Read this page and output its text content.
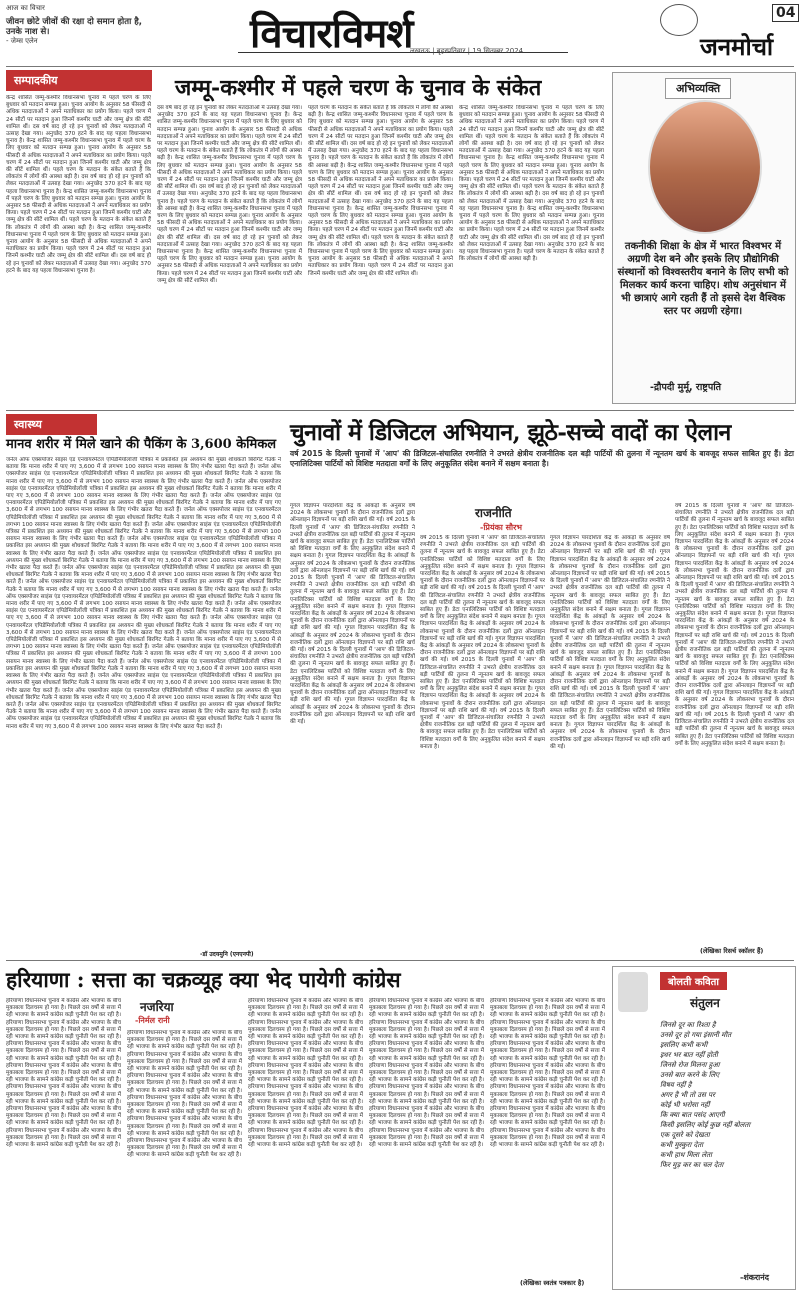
आज का विचार
जीवन छोटे जीवों की रक्षा दो समान होता है, उनके नाश से।
- जेम्स एलेन	विचारविमर्श
लखनऊ | बृहस्पतिवार | 19 सितम्बर 2024	जनमोर्चा
04
सम्पादकीय	जम्मू-कश्मीर में पहले चरण के चुनाव के संकेत
केन्द्र शासित जम्मू-कश्मीर विधानसभा चुनाव में पहले चरण के लिए बुधवार को मतदान सम्पन्न हुआ। चुनाव आयोग के अनुसार 58 फीसदी से अधिक मतदाताओं ने अपने मताधिकार का प्रयोग किया। पहले चरण में 24 सीटों पर मतदान हुआ जिनमें कश्मीर घाटी और जम्मू क्षेत्र की सीटें शामिल थीं। दस वर्ष बाद हो रहे इन चुनावों को लेकर मतदाताओं में उत्साह देखा गया। अनुच्छेद 370 हटने के बाद यह पहला विधानसभा चुनाव है। केन्द्र शासित जम्मू-कश्मीर विधानसभा चुनाव में पहले चरण के लिए बुधवार को मतदान सम्पन्न हुआ। चुनाव आयोग के अनुसार 58 फीसदी से अधिक मतदाताओं ने अपने मताधिकार का प्रयोग किया। पहले चरण में 24 सीटों पर मतदान हुआ जिनमें कश्मीर घाटी और जम्मू क्षेत्र की सीटें शामिल थीं। पहले चरण के मतदान के संकेत बताते हैं कि लोकतंत्र में लोगों की आस्था बढ़ी है। दस वर्ष बाद हो रहे इन चुनावों को लेकर मतदाताओं में उत्साह देखा गया। अनुच्छेद 370 हटने के बाद यह पहला विधानसभा चुनाव है। केन्द्र शासित जम्मू-कश्मीर विधानसभा चुनाव में पहले चरण के लिए बुधवार को मतदान सम्पन्न हुआ। चुनाव आयोग के अनुसार 58 फीसदी से अधिक मतदाताओं ने अपने मताधिकार का प्रयोग किया। पहले चरण में 24 सीटों पर मतदान हुआ जिनमें कश्मीर घाटी और जम्मू क्षेत्र की सीटें शामिल थीं। पहले चरण के मतदान के संकेत बताते हैं कि लोकतंत्र में लोगों की आस्था बढ़ी है। केन्द्र शासित जम्मू-कश्मीर विधानसभा चुनाव में पहले चरण के लिए बुधवार को मतदान सम्पन्न हुआ। चुनाव आयोग के अनुसार 58 फीसदी से अधिक मतदाताओं ने अपने मताधिकार का प्रयोग किया। पहले चरण में 24 सीटों पर मतदान हुआ जिनमें कश्मीर घाटी और जम्मू क्षेत्र की सीटें शामिल थीं। दस वर्ष बाद हो रहे इन चुनावों को लेकर मतदाताओं में उत्साह देखा गया। अनुच्छेद 370 हटने के बाद यह पहला विधानसभा चुनाव है।
दस वर्ष बाद हो रहे इन चुनावों को लेकर मतदाताओं में उत्साह देखा गया। अनुच्छेद 370 हटने के बाद यह पहला विधानसभा चुनाव है। केन्द्र शासित जम्मू-कश्मीर विधानसभा चुनाव में पहले चरण के लिए बुधवार को मतदान सम्पन्न हुआ। चुनाव आयोग के अनुसार 58 फीसदी से अधिक मतदाताओं ने अपने मताधिकार का प्रयोग किया। पहले चरण में 24 सीटों पर मतदान हुआ जिनमें कश्मीर घाटी और जम्मू क्षेत्र की सीटें शामिल थीं। पहले चरण के मतदान के संकेत बताते हैं कि लोकतंत्र में लोगों की आस्था बढ़ी है। केन्द्र शासित जम्मू-कश्मीर विधानसभा चुनाव में पहले चरण के लिए बुधवार को मतदान सम्पन्न हुआ। चुनाव आयोग के अनुसार 58 फीसदी से अधिक मतदाताओं ने अपने मताधिकार का प्रयोग किया। पहले चरण में 24 सीटों पर मतदान हुआ जिनमें कश्मीर घाटी और जम्मू क्षेत्र की सीटें शामिल थीं। दस वर्ष बाद हो रहे इन चुनावों को लेकर मतदाताओं में उत्साह देखा गया। अनुच्छेद 370 हटने के बाद यह पहला विधानसभा चुनाव है। पहले चरण के मतदान के संकेत बताते हैं कि लोकतंत्र में लोगों की आस्था बढ़ी है। केन्द्र शासित जम्मू-कश्मीर विधानसभा चुनाव में पहले चरण के लिए बुधवार को मतदान सम्पन्न हुआ। चुनाव आयोग के अनुसार 58 फीसदी से अधिक मतदाताओं ने अपने मताधिकार का प्रयोग किया। पहले चरण में 24 सीटों पर मतदान हुआ जिनमें कश्मीर घाटी और जम्मू क्षेत्र की सीटें शामिल थीं। दस वर्ष बाद हो रहे इन चुनावों को लेकर मतदाताओं में उत्साह देखा गया। अनुच्छेद 370 हटने के बाद यह पहला विधानसभा चुनाव है। केन्द्र शासित जम्मू-कश्मीर विधानसभा चुनाव में पहले चरण के लिए बुधवार को मतदान सम्पन्न हुआ। चुनाव आयोग के अनुसार 58 फीसदी से अधिक मतदाताओं ने अपने मताधिकार का प्रयोग किया। पहले चरण में 24 सीटों पर मतदान हुआ जिनमें कश्मीर घाटी और जम्मू क्षेत्र की सीटें शामिल थीं।
पहले चरण के मतदान के संकेत बताते हैं कि लोकतंत्र में लोगों की आस्था बढ़ी है। केन्द्र शासित जम्मू-कश्मीर विधानसभा चुनाव में पहले चरण के लिए बुधवार को मतदान सम्पन्न हुआ। चुनाव आयोग के अनुसार 58 फीसदी से अधिक मतदाताओं ने अपने मताधिकार का प्रयोग किया। पहले चरण में 24 सीटों पर मतदान हुआ जिनमें कश्मीर घाटी और जम्मू क्षेत्र की सीटें शामिल थीं। दस वर्ष बाद हो रहे इन चुनावों को लेकर मतदाताओं में उत्साह देखा गया। अनुच्छेद 370 हटने के बाद यह पहला विधानसभा चुनाव है। पहले चरण के मतदान के संकेत बताते हैं कि लोकतंत्र में लोगों की आस्था बढ़ी है। केन्द्र शासित जम्मू-कश्मीर विधानसभा चुनाव में पहले चरण के लिए बुधवार को मतदान सम्पन्न हुआ। चुनाव आयोग के अनुसार 58 फीसदी से अधिक मतदाताओं ने अपने मताधिकार का प्रयोग किया। पहले चरण में 24 सीटों पर मतदान हुआ जिनमें कश्मीर घाटी और जम्मू क्षेत्र की सीटें शामिल थीं। दस वर्ष बाद हो रहे इन चुनावों को लेकर मतदाताओं में उत्साह देखा गया। अनुच्छेद 370 हटने के बाद यह पहला विधानसभा चुनाव है। केन्द्र शासित जम्मू-कश्मीर विधानसभा चुनाव में पहले चरण के लिए बुधवार को मतदान सम्पन्न हुआ। चुनाव आयोग के अनुसार 58 फीसदी से अधिक मतदाताओं ने अपने मताधिकार का प्रयोग किया। पहले चरण में 24 सीटों पर मतदान हुआ जिनमें कश्मीर घाटी और जम्मू क्षेत्र की सीटें शामिल थीं। पहले चरण के मतदान के संकेत बताते हैं कि लोकतंत्र में लोगों की आस्था बढ़ी है। केन्द्र शासित जम्मू-कश्मीर विधानसभा चुनाव में पहले चरण के लिए बुधवार को मतदान सम्पन्न हुआ। चुनाव आयोग के अनुसार 58 फीसदी से अधिक मतदाताओं ने अपने मताधिकार का प्रयोग किया। पहले चरण में 24 सीटों पर मतदान हुआ जिनमें कश्मीर घाटी और जम्मू क्षेत्र की सीटें शामिल थीं।
केन्द्र शासित जम्मू-कश्मीर विधानसभा चुनाव में पहले चरण के लिए बुधवार को मतदान सम्पन्न हुआ। चुनाव आयोग के अनुसार 58 फीसदी से अधिक मतदाताओं ने अपने मताधिकार का प्रयोग किया। पहले चरण में 24 सीटों पर मतदान हुआ जिनमें कश्मीर घाटी और जम्मू क्षेत्र की सीटें शामिल थीं। पहले चरण के मतदान के संकेत बताते हैं कि लोकतंत्र में लोगों की आस्था बढ़ी है। दस वर्ष बाद हो रहे इन चुनावों को लेकर मतदाताओं में उत्साह देखा गया। अनुच्छेद 370 हटने के बाद यह पहला विधानसभा चुनाव है। केन्द्र शासित जम्मू-कश्मीर विधानसभा चुनाव में पहले चरण के लिए बुधवार को मतदान सम्पन्न हुआ। चुनाव आयोग के अनुसार 58 फीसदी से अधिक मतदाताओं ने अपने मताधिकार का प्रयोग किया। पहले चरण में 24 सीटों पर मतदान हुआ जिनमें कश्मीर घाटी और जम्मू क्षेत्र की सीटें शामिल थीं। पहले चरण के मतदान के संकेत बताते हैं कि लोकतंत्र में लोगों की आस्था बढ़ी है। दस वर्ष बाद हो रहे इन चुनावों को लेकर मतदाताओं में उत्साह देखा गया। अनुच्छेद 370 हटने के बाद यह पहला विधानसभा चुनाव है। केन्द्र शासित जम्मू-कश्मीर विधानसभा चुनाव में पहले चरण के लिए बुधवार को मतदान सम्पन्न हुआ। चुनाव आयोग के अनुसार 58 फीसदी से अधिक मतदाताओं ने अपने मताधिकार का प्रयोग किया। पहले चरण में 24 सीटों पर मतदान हुआ जिनमें कश्मीर घाटी और जम्मू क्षेत्र की सीटें शामिल थीं। दस वर्ष बाद हो रहे इन चुनावों को लेकर मतदाताओं में उत्साह देखा गया। अनुच्छेद 370 हटने के बाद यह पहला विधानसभा चुनाव है। पहले चरण के मतदान के संकेत बताते हैं कि लोकतंत्र में लोगों की आस्था बढ़ी है।
अभिव्यक्ति
तकनीकी शिक्षा के क्षेत्र में भारत विश्वभर में अग्रणी देश बने और इसके लिए प्रौद्योगिकी संस्थानों को विश्वस्तरीय बनाने के लिए सभी को मिलकर कार्य करना चाहिए। शोध अनुसंधान में भी छात्राएं आगे रहती हैं तो इससे देश वैश्विक स्तर पर अग्रणी रहेगा।
-द्रौपदी मुर्मू, राष्ट्रपति
स्वास्थ्य
मानव शरीर में मिले खाने की पैकिंग के 3,600 केमिकल
जर्नल ऑफ एक्सपोजर साइंस एंड एनवायरमेंटल एपिडेमियोलॉजी पत्रिका में प्रकाशित इस अध्ययन की मुख्य शोधकर्ता बिरगिट गेउके ने बताया कि मानव शरीर में पाए गए 3,600 में से लगभग 100 रसायन मानव स्वास्थ्य के लिए गंभीर खतरा पैदा करते हैं। जर्नल ऑफ एक्सपोजर साइंस एंड एनवायरमेंटल एपिडेमियोलॉजी पत्रिका में प्रकाशित इस अध्ययन की मुख्य शोधकर्ता बिरगिट गेउके ने बताया कि मानव शरीर में पाए गए 3,600 में से लगभग 100 रसायन मानव स्वास्थ्य के लिए गंभीर खतरा पैदा करते हैं। जर्नल ऑफ एक्सपोजर साइंस एंड एनवायरमेंटल एपिडेमियोलॉजी पत्रिका में प्रकाशित इस अध्ययन की मुख्य शोधकर्ता बिरगिट गेउके ने बताया कि मानव शरीर में पाए गए 3,600 में से लगभग 100 रसायन मानव स्वास्थ्य के लिए गंभीर खतरा पैदा करते हैं। जर्नल ऑफ एक्सपोजर साइंस एंड एनवायरमेंटल एपिडेमियोलॉजी पत्रिका में प्रकाशित इस अध्ययन की मुख्य शोधकर्ता बिरगिट गेउके ने बताया कि मानव शरीर में पाए गए 3,600 में से लगभग 100 रसायन मानव स्वास्थ्य के लिए गंभीर खतरा पैदा करते हैं। जर्नल ऑफ एक्सपोजर साइंस एंड एनवायरमेंटल एपिडेमियोलॉजी पत्रिका में प्रकाशित इस अध्ययन की मुख्य शोधकर्ता बिरगिट गेउके ने बताया कि मानव शरीर में पाए गए 3,600 में से लगभग 100 रसायन मानव स्वास्थ्य के लिए गंभीर खतरा पैदा करते हैं। जर्नल ऑफ एक्सपोजर साइंस एंड एनवायरमेंटल एपिडेमियोलॉजी पत्रिका में प्रकाशित इस अध्ययन की मुख्य शोधकर्ता बिरगिट गेउके ने बताया कि मानव शरीर में पाए गए 3,600 में से लगभग 100 रसायन मानव स्वास्थ्य के लिए गंभीर खतरा पैदा करते हैं। जर्नल ऑफ एक्सपोजर साइंस एंड एनवायरमेंटल एपिडेमियोलॉजी पत्रिका में प्रकाशित इस अध्ययन की मुख्य शोधकर्ता बिरगिट गेउके ने बताया कि मानव शरीर में पाए गए 3,600 में से लगभग 100 रसायन मानव स्वास्थ्य के लिए गंभीर खतरा पैदा करते हैं। जर्नल ऑफ एक्सपोजर साइंस एंड एनवायरमेंटल एपिडेमियोलॉजी पत्रिका में प्रकाशित इस अध्ययन की मुख्य शोधकर्ता बिरगिट गेउके ने बताया कि मानव शरीर में पाए गए 3,600 में से लगभग 100 रसायन मानव स्वास्थ्य के लिए गंभीर खतरा पैदा करते हैं। जर्नल ऑफ एक्सपोजर साइंस एंड एनवायरमेंटल एपिडेमियोलॉजी पत्रिका में प्रकाशित इस अध्ययन की मुख्य शोधकर्ता बिरगिट गेउके ने बताया कि मानव शरीर में पाए गए 3,600 में से लगभग 100 रसायन मानव स्वास्थ्य के लिए गंभीर खतरा पैदा करते हैं। जर्नल ऑफ एक्सपोजर साइंस एंड एनवायरमेंटल एपिडेमियोलॉजी पत्रिका में प्रकाशित इस अध्ययन की मुख्य शोधकर्ता बिरगिट गेउके ने बताया कि मानव शरीर में पाए गए 3,600 में से लगभग 100 रसायन मानव स्वास्थ्य के लिए गंभीर खतरा पैदा करते हैं। जर्नल ऑफ एक्सपोजर साइंस एंड एनवायरमेंटल एपिडेमियोलॉजी पत्रिका में प्रकाशित इस अध्ययन की मुख्य शोधकर्ता बिरगिट गेउके ने बताया कि मानव शरीर में पाए गए 3,600 में से लगभग 100 रसायन मानव स्वास्थ्य के लिए गंभीर खतरा पैदा करते हैं। जर्नल ऑफ एक्सपोजर साइंस एंड एनवायरमेंटल एपिडेमियोलॉजी पत्रिका में प्रकाशित इस अध्ययन की मुख्य शोधकर्ता बिरगिट गेउके ने बताया कि मानव शरीर में पाए गए 3,600 में से लगभग 100 रसायन मानव स्वास्थ्य के लिए गंभीर खतरा पैदा करते हैं। जर्नल ऑफ एक्सपोजर साइंस एंड एनवायरमेंटल एपिडेमियोलॉजी पत्रिका में प्रकाशित इस अध्ययन की मुख्य शोधकर्ता बिरगिट गेउके ने बताया कि मानव शरीर में पाए गए 3,600 में से लगभग 100 रसायन मानव स्वास्थ्य के लिए गंभीर खतरा पैदा करते हैं। जर्नल ऑफ एक्सपोजर साइंस एंड एनवायरमेंटल एपिडेमियोलॉजी पत्रिका में प्रकाशित इस अध्ययन की मुख्य शोधकर्ता बिरगिट गेउके ने बताया कि मानव शरीर में पाए गए 3,600 में से लगभग 100 रसायन मानव स्वास्थ्य के लिए गंभीर खतरा पैदा करते हैं। जर्नल ऑफ एक्सपोजर साइंस एंड एनवायरमेंटल एपिडेमियोलॉजी पत्रिका में प्रकाशित इस अध्ययन की मुख्य शोधकर्ता बिरगिट गेउके ने बताया कि मानव शरीर में पाए गए 3,600 में से लगभग 100 रसायन मानव स्वास्थ्य के लिए गंभीर खतरा पैदा करते हैं। जर्नल ऑफ एक्सपोजर साइंस एंड एनवायरमेंटल एपिडेमियोलॉजी पत्रिका में प्रकाशित इस अध्ययन की मुख्य शोधकर्ता बिरगिट गेउके ने बताया कि मानव शरीर में पाए गए 3,600 में से लगभग 100 रसायन मानव स्वास्थ्य के लिए गंभीर खतरा पैदा करते हैं। जर्नल ऑफ एक्सपोजर साइंस एंड एनवायरमेंटल एपिडेमियोलॉजी पत्रिका में प्रकाशित इस अध्ययन की मुख्य शोधकर्ता बिरगिट गेउके ने बताया कि मानव शरीर में पाए गए 3,600 में से लगभग 100 रसायन मानव स्वास्थ्य के लिए गंभीर खतरा पैदा करते हैं। जर्नल ऑफ एक्सपोजर साइंस एंड एनवायरमेंटल एपिडेमियोलॉजी पत्रिका में प्रकाशित इस अध्ययन की मुख्य शोधकर्ता बिरगिट गेउके ने बताया कि मानव शरीर में पाए गए 3,600 में से लगभग 100 रसायन मानव स्वास्थ्य के लिए गंभीर खतरा पैदा करते हैं। जर्नल ऑफ एक्सपोजर साइंस एंड एनवायरमेंटल एपिडेमियोलॉजी पत्रिका में प्रकाशित इस अध्ययन की मुख्य शोधकर्ता बिरगिट गेउके ने बताया कि मानव शरीर में पाए गए 3,600 में से लगभग 100 रसायन मानव स्वास्थ्य के लिए गंभीर खतरा पैदा करते हैं। जर्नल ऑफ एक्सपोजर साइंस एंड एनवायरमेंटल एपिडेमियोलॉजी पत्रिका में प्रकाशित इस अध्ययन की मुख्य शोधकर्ता बिरगिट गेउके ने बताया कि मानव शरीर में पाए गए 3,600 में से लगभग 100 रसायन मानव स्वास्थ्य के लिए गंभीर खतरा पैदा करते हैं।
-डॉ उदयमुनि (एनएनपी)
चुनावों में डिजिटल अभियान, झूठे-सच्चे वादों का ऐलान
वर्ष 2015 के दिल्ली चुनावों में 'आप' की डिजिटल-संचालित रणनीति ने उभरते क्षेत्रीय राजनीतिक दल बड़ी पार्टियों की तुलना में न्यूनतम खर्च के बावजूद सफल साबित हुए हैं। डेटा एनालिटिक्स पार्टियों को विशिष्ट मतदाता वर्गों के लिए अनुकूलित संदेश बनाने में सक्षम बनाता है।
गूगल विज्ञापन पारदर्शिता केंद्र के आंकड़ों के अनुसार वर्ष 2024 के लोकसभा चुनावों के दौरान राजनीतिक दलों द्वारा ऑनलाइन विज्ञापनों पर बड़ी राशि खर्च की गई। वर्ष 2015 के दिल्ली चुनावों में 'आप' की डिजिटल-संचालित रणनीति ने उभरते क्षेत्रीय राजनीतिक दल बड़ी पार्टियों की तुलना में न्यूनतम खर्च के बावजूद सफल साबित हुए हैं। डेटा एनालिटिक्स पार्टियों को विशिष्ट मतदाता वर्गों के लिए अनुकूलित संदेश बनाने में सक्षम बनाता है। गूगल विज्ञापन पारदर्शिता केंद्र के आंकड़ों के अनुसार वर्ष 2024 के लोकसभा चुनावों के दौरान राजनीतिक दलों द्वारा ऑनलाइन विज्ञापनों पर बड़ी राशि खर्च की गई। वर्ष 2015 के दिल्ली चुनावों में 'आप' की डिजिटल-संचालित रणनीति ने उभरते क्षेत्रीय राजनीतिक दल बड़ी पार्टियों की तुलना में न्यूनतम खर्च के बावजूद सफल साबित हुए हैं। डेटा एनालिटिक्स पार्टियों को विशिष्ट मतदाता वर्गों के लिए अनुकूलित संदेश बनाने में सक्षम बनाता है। गूगल विज्ञापन पारदर्शिता केंद्र के आंकड़ों के अनुसार वर्ष 2024 के लोकसभा चुनावों के दौरान राजनीतिक दलों द्वारा ऑनलाइन विज्ञापनों पर बड़ी राशि खर्च की गई। गूगल विज्ञापन पारदर्शिता केंद्र के आंकड़ों के अनुसार वर्ष 2024 के लोकसभा चुनावों के दौरान राजनीतिक दलों द्वारा ऑनलाइन विज्ञापनों पर बड़ी राशि खर्च की गई। वर्ष 2015 के दिल्ली चुनावों में 'आप' की डिजिटल-संचालित रणनीति ने उभरते क्षेत्रीय राजनीतिक दल बड़ी पार्टियों की तुलना में न्यूनतम खर्च के बावजूद सफल साबित हुए हैं। डेटा एनालिटिक्स पार्टियों को विशिष्ट मतदाता वर्गों के लिए अनुकूलित संदेश बनाने में सक्षम बनाता है। गूगल विज्ञापन पारदर्शिता केंद्र के आंकड़ों के अनुसार वर्ष 2024 के लोकसभा चुनावों के दौरान राजनीतिक दलों द्वारा ऑनलाइन विज्ञापनों पर बड़ी राशि खर्च की गई। गूगल विज्ञापन पारदर्शिता केंद्र के आंकड़ों के अनुसार वर्ष 2024 के लोकसभा चुनावों के दौरान राजनीतिक दलों द्वारा ऑनलाइन विज्ञापनों पर बड़ी राशि खर्च की गई।
राजनीति
-प्रियंका सौरभ
वर्ष 2015 के दिल्ली चुनावों में 'आप' की डिजिटल-संचालित रणनीति ने उभरते क्षेत्रीय राजनीतिक दल बड़ी पार्टियों की तुलना में न्यूनतम खर्च के बावजूद सफल साबित हुए हैं। डेटा एनालिटिक्स पार्टियों को विशिष्ट मतदाता वर्गों के लिए अनुकूलित संदेश बनाने में सक्षम बनाता है। गूगल विज्ञापन पारदर्शिता केंद्र के आंकड़ों के अनुसार वर्ष 2024 के लोकसभा चुनावों के दौरान राजनीतिक दलों द्वारा ऑनलाइन विज्ञापनों पर बड़ी राशि खर्च की गई। वर्ष 2015 के दिल्ली चुनावों में 'आप' की डिजिटल-संचालित रणनीति ने उभरते क्षेत्रीय राजनीतिक दल बड़ी पार्टियों की तुलना में न्यूनतम खर्च के बावजूद सफल साबित हुए हैं। डेटा एनालिटिक्स पार्टियों को विशिष्ट मतदाता वर्गों के लिए अनुकूलित संदेश बनाने में सक्षम बनाता है। गूगल विज्ञापन पारदर्शिता केंद्र के आंकड़ों के अनुसार वर्ष 2024 के लोकसभा चुनावों के दौरान राजनीतिक दलों द्वारा ऑनलाइन विज्ञापनों पर बड़ी राशि खर्च की गई। गूगल विज्ञापन पारदर्शिता केंद्र के आंकड़ों के अनुसार वर्ष 2024 के लोकसभा चुनावों के दौरान राजनीतिक दलों द्वारा ऑनलाइन विज्ञापनों पर बड़ी राशि खर्च की गई। वर्ष 2015 के दिल्ली चुनावों में 'आप' की डिजिटल-संचालित रणनीति ने उभरते क्षेत्रीय राजनीतिक दल बड़ी पार्टियों की तुलना में न्यूनतम खर्च के बावजूद सफल साबित हुए हैं। डेटा एनालिटिक्स पार्टियों को विशिष्ट मतदाता वर्गों के लिए अनुकूलित संदेश बनाने में सक्षम बनाता है। गूगल विज्ञापन पारदर्शिता केंद्र के आंकड़ों के अनुसार वर्ष 2024 के लोकसभा चुनावों के दौरान राजनीतिक दलों द्वारा ऑनलाइन विज्ञापनों पर बड़ी राशि खर्च की गई। वर्ष 2015 के दिल्ली चुनावों में 'आप' की डिजिटल-संचालित रणनीति ने उभरते क्षेत्रीय राजनीतिक दल बड़ी पार्टियों की तुलना में न्यूनतम खर्च के बावजूद सफल साबित हुए हैं। डेटा एनालिटिक्स पार्टियों को विशिष्ट मतदाता वर्गों के लिए अनुकूलित संदेश बनाने में सक्षम बनाता है।
गूगल विज्ञापन पारदर्शिता केंद्र के आंकड़ों के अनुसार वर्ष 2024 के लोकसभा चुनावों के दौरान राजनीतिक दलों द्वारा ऑनलाइन विज्ञापनों पर बड़ी राशि खर्च की गई। गूगल विज्ञापन पारदर्शिता केंद्र के आंकड़ों के अनुसार वर्ष 2024 के लोकसभा चुनावों के दौरान राजनीतिक दलों द्वारा ऑनलाइन विज्ञापनों पर बड़ी राशि खर्च की गई। वर्ष 2015 के दिल्ली चुनावों में 'आप' की डिजिटल-संचालित रणनीति ने उभरते क्षेत्रीय राजनीतिक दल बड़ी पार्टियों की तुलना में न्यूनतम खर्च के बावजूद सफल साबित हुए हैं। डेटा एनालिटिक्स पार्टियों को विशिष्ट मतदाता वर्गों के लिए अनुकूलित संदेश बनाने में सक्षम बनाता है। गूगल विज्ञापन पारदर्शिता केंद्र के आंकड़ों के अनुसार वर्ष 2024 के लोकसभा चुनावों के दौरान राजनीतिक दलों द्वारा ऑनलाइन विज्ञापनों पर बड़ी राशि खर्च की गई। वर्ष 2015 के दिल्ली चुनावों में 'आप' की डिजिटल-संचालित रणनीति ने उभरते क्षेत्रीय राजनीतिक दल बड़ी पार्टियों की तुलना में न्यूनतम खर्च के बावजूद सफल साबित हुए हैं। डेटा एनालिटिक्स पार्टियों को विशिष्ट मतदाता वर्गों के लिए अनुकूलित संदेश बनाने में सक्षम बनाता है। गूगल विज्ञापन पारदर्शिता केंद्र के आंकड़ों के अनुसार वर्ष 2024 के लोकसभा चुनावों के दौरान राजनीतिक दलों द्वारा ऑनलाइन विज्ञापनों पर बड़ी राशि खर्च की गई। वर्ष 2015 के दिल्ली चुनावों में 'आप' की डिजिटल-संचालित रणनीति ने उभरते क्षेत्रीय राजनीतिक दल बड़ी पार्टियों की तुलना में न्यूनतम खर्च के बावजूद सफल साबित हुए हैं। डेटा एनालिटिक्स पार्टियों को विशिष्ट मतदाता वर्गों के लिए अनुकूलित संदेश बनाने में सक्षम बनाता है। गूगल विज्ञापन पारदर्शिता केंद्र के आंकड़ों के अनुसार वर्ष 2024 के लोकसभा चुनावों के दौरान राजनीतिक दलों द्वारा ऑनलाइन विज्ञापनों पर बड़ी राशि खर्च की गई।
वर्ष 2015 के दिल्ली चुनावों में 'आप' की डिजिटल-संचालित रणनीति ने उभरते क्षेत्रीय राजनीतिक दल बड़ी पार्टियों की तुलना में न्यूनतम खर्च के बावजूद सफल साबित हुए हैं। डेटा एनालिटिक्स पार्टियों को विशिष्ट मतदाता वर्गों के लिए अनुकूलित संदेश बनाने में सक्षम बनाता है। गूगल विज्ञापन पारदर्शिता केंद्र के आंकड़ों के अनुसार वर्ष 2024 के लोकसभा चुनावों के दौरान राजनीतिक दलों द्वारा ऑनलाइन विज्ञापनों पर बड़ी राशि खर्च की गई। गूगल विज्ञापन पारदर्शिता केंद्र के आंकड़ों के अनुसार वर्ष 2024 के लोकसभा चुनावों के दौरान राजनीतिक दलों द्वारा ऑनलाइन विज्ञापनों पर बड़ी राशि खर्च की गई। वर्ष 2015 के दिल्ली चुनावों में 'आप' की डिजिटल-संचालित रणनीति ने उभरते क्षेत्रीय राजनीतिक दल बड़ी पार्टियों की तुलना में न्यूनतम खर्च के बावजूद सफल साबित हुए हैं। डेटा एनालिटिक्स पार्टियों को विशिष्ट मतदाता वर्गों के लिए अनुकूलित संदेश बनाने में सक्षम बनाता है। गूगल विज्ञापन पारदर्शिता केंद्र के आंकड़ों के अनुसार वर्ष 2024 के लोकसभा चुनावों के दौरान राजनीतिक दलों द्वारा ऑनलाइन विज्ञापनों पर बड़ी राशि खर्च की गई। वर्ष 2015 के दिल्ली चुनावों में 'आप' की डिजिटल-संचालित रणनीति ने उभरते क्षेत्रीय राजनीतिक दल बड़ी पार्टियों की तुलना में न्यूनतम खर्च के बावजूद सफल साबित हुए हैं। डेटा एनालिटिक्स पार्टियों को विशिष्ट मतदाता वर्गों के लिए अनुकूलित संदेश बनाने में सक्षम बनाता है। गूगल विज्ञापन पारदर्शिता केंद्र के आंकड़ों के अनुसार वर्ष 2024 के लोकसभा चुनावों के दौरान राजनीतिक दलों द्वारा ऑनलाइन विज्ञापनों पर बड़ी राशि खर्च की गई। गूगल विज्ञापन पारदर्शिता केंद्र के आंकड़ों के अनुसार वर्ष 2024 के लोकसभा चुनावों के दौरान राजनीतिक दलों द्वारा ऑनलाइन विज्ञापनों पर बड़ी राशि खर्च की गई। वर्ष 2015 के दिल्ली चुनावों में 'आप' की डिजिटल-संचालित रणनीति ने उभरते क्षेत्रीय राजनीतिक दल बड़ी पार्टियों की तुलना में न्यूनतम खर्च के बावजूद सफल साबित हुए हैं। डेटा एनालिटिक्स पार्टियों को विशिष्ट मतदाता वर्गों के लिए अनुकूलित संदेश बनाने में सक्षम बनाता है।
(लेखिका रिसर्च स्कॉलर हैं)
हरियाणा : सत्ता का चक्रव्यूह क्या भेद पायेगी कांग्रेस
हरियाणा विधानसभा चुनाव में कांग्रेस और भाजपा के बीच मुकाबला दिलचस्प हो गया है। पिछले दस वर्षों से सत्ता में रही भाजपा के सामने कांग्रेस कड़ी चुनौती पेश कर रही है। हरियाणा विधानसभा चुनाव में कांग्रेस और भाजपा के बीच मुकाबला दिलचस्प हो गया है। पिछले दस वर्षों से सत्ता में रही भाजपा के सामने कांग्रेस कड़ी चुनौती पेश कर रही है। हरियाणा विधानसभा चुनाव में कांग्रेस और भाजपा के बीच मुकाबला दिलचस्प हो गया है। पिछले दस वर्षों से सत्ता में रही भाजपा के सामने कांग्रेस कड़ी चुनौती पेश कर रही है। हरियाणा विधानसभा चुनाव में कांग्रेस और भाजपा के बीच मुकाबला दिलचस्प हो गया है। पिछले दस वर्षों से सत्ता में रही भाजपा के सामने कांग्रेस कड़ी चुनौती पेश कर रही है। हरियाणा विधानसभा चुनाव में कांग्रेस और भाजपा के बीच मुकाबला दिलचस्प हो गया है। पिछले दस वर्षों से सत्ता में रही भाजपा के सामने कांग्रेस कड़ी चुनौती पेश कर रही है। हरियाणा विधानसभा चुनाव में कांग्रेस और भाजपा के बीच मुकाबला दिलचस्प हो गया है। पिछले दस वर्षों से सत्ता में रही भाजपा के सामने कांग्रेस कड़ी चुनौती पेश कर रही है। हरियाणा विधानसभा चुनाव में कांग्रेस और भाजपा के बीच मुकाबला दिलचस्प हो गया है। पिछले दस वर्षों से सत्ता में रही भाजपा के सामने कांग्रेस कड़ी चुनौती पेश कर रही है।
नजरिया
-निर्मल रानी
हरियाणा विधानसभा चुनाव में कांग्रेस और भाजपा के बीच मुकाबला दिलचस्प हो गया है। पिछले दस वर्षों से सत्ता में रही भाजपा के सामने कांग्रेस कड़ी चुनौती पेश कर रही है। हरियाणा विधानसभा चुनाव में कांग्रेस और भाजपा के बीच मुकाबला दिलचस्प हो गया है। पिछले दस वर्षों से सत्ता में रही भाजपा के सामने कांग्रेस कड़ी चुनौती पेश कर रही है। हरियाणा विधानसभा चुनाव में कांग्रेस और भाजपा के बीच मुकाबला दिलचस्प हो गया है। पिछले दस वर्षों से सत्ता में रही भाजपा के सामने कांग्रेस कड़ी चुनौती पेश कर रही है। हरियाणा विधानसभा चुनाव में कांग्रेस और भाजपा के बीच मुकाबला दिलचस्प हो गया है। पिछले दस वर्षों से सत्ता में रही भाजपा के सामने कांग्रेस कड़ी चुनौती पेश कर रही है। हरियाणा विधानसभा चुनाव में कांग्रेस और भाजपा के बीच मुकाबला दिलचस्प हो गया है। पिछले दस वर्षों से सत्ता में रही भाजपा के सामने कांग्रेस कड़ी चुनौती पेश कर रही है। हरियाणा विधानसभा चुनाव में कांग्रेस और भाजपा के बीच मुकाबला दिलचस्प हो गया है। पिछले दस वर्षों से सत्ता में रही भाजपा के सामने कांग्रेस कड़ी चुनौती पेश कर रही है।
हरियाणा विधानसभा चुनाव में कांग्रेस और भाजपा के बीच मुकाबला दिलचस्प हो गया है। पिछले दस वर्षों से सत्ता में रही भाजपा के सामने कांग्रेस कड़ी चुनौती पेश कर रही है। हरियाणा विधानसभा चुनाव में कांग्रेस और भाजपा के बीच मुकाबला दिलचस्प हो गया है। पिछले दस वर्षों से सत्ता में रही भाजपा के सामने कांग्रेस कड़ी चुनौती पेश कर रही है। हरियाणा विधानसभा चुनाव में कांग्रेस और भाजपा के बीच मुकाबला दिलचस्प हो गया है। पिछले दस वर्षों से सत्ता में रही भाजपा के सामने कांग्रेस कड़ी चुनौती पेश कर रही है। हरियाणा विधानसभा चुनाव में कांग्रेस और भाजपा के बीच मुकाबला दिलचस्प हो गया है। पिछले दस वर्षों से सत्ता में रही भाजपा के सामने कांग्रेस कड़ी चुनौती पेश कर रही है। हरियाणा विधानसभा चुनाव में कांग्रेस और भाजपा के बीच मुकाबला दिलचस्प हो गया है। पिछले दस वर्षों से सत्ता में रही भाजपा के सामने कांग्रेस कड़ी चुनौती पेश कर रही है। हरियाणा विधानसभा चुनाव में कांग्रेस और भाजपा के बीच मुकाबला दिलचस्प हो गया है। पिछले दस वर्षों से सत्ता में रही भाजपा के सामने कांग्रेस कड़ी चुनौती पेश कर रही है। हरियाणा विधानसभा चुनाव में कांग्रेस और भाजपा के बीच मुकाबला दिलचस्प हो गया है। पिछले दस वर्षों से सत्ता में रही भाजपा के सामने कांग्रेस कड़ी चुनौती पेश कर रही है।
हरियाणा विधानसभा चुनाव में कांग्रेस और भाजपा के बीच मुकाबला दिलचस्प हो गया है। पिछले दस वर्षों से सत्ता में रही भाजपा के सामने कांग्रेस कड़ी चुनौती पेश कर रही है। हरियाणा विधानसभा चुनाव में कांग्रेस और भाजपा के बीच मुकाबला दिलचस्प हो गया है। पिछले दस वर्षों से सत्ता में रही भाजपा के सामने कांग्रेस कड़ी चुनौती पेश कर रही है। हरियाणा विधानसभा चुनाव में कांग्रेस और भाजपा के बीच मुकाबला दिलचस्प हो गया है। पिछले दस वर्षों से सत्ता में रही भाजपा के सामने कांग्रेस कड़ी चुनौती पेश कर रही है। हरियाणा विधानसभा चुनाव में कांग्रेस और भाजपा के बीच मुकाबला दिलचस्प हो गया है। पिछले दस वर्षों से सत्ता में रही भाजपा के सामने कांग्रेस कड़ी चुनौती पेश कर रही है। हरियाणा विधानसभा चुनाव में कांग्रेस और भाजपा के बीच मुकाबला दिलचस्प हो गया है। पिछले दस वर्षों से सत्ता में रही भाजपा के सामने कांग्रेस कड़ी चुनौती पेश कर रही है। हरियाणा विधानसभा चुनाव में कांग्रेस और भाजपा के बीच मुकाबला दिलचस्प हो गया है। पिछले दस वर्षों से सत्ता में रही भाजपा के सामने कांग्रेस कड़ी चुनौती पेश कर रही है। हरियाणा विधानसभा चुनाव में कांग्रेस और भाजपा के बीच मुकाबला दिलचस्प हो गया है। पिछले दस वर्षों से सत्ता में रही भाजपा के सामने कांग्रेस कड़ी चुनौती पेश कर रही है।
हरियाणा विधानसभा चुनाव में कांग्रेस और भाजपा के बीच मुकाबला दिलचस्प हो गया है। पिछले दस वर्षों से सत्ता में रही भाजपा के सामने कांग्रेस कड़ी चुनौती पेश कर रही है। हरियाणा विधानसभा चुनाव में कांग्रेस और भाजपा के बीच मुकाबला दिलचस्प हो गया है। पिछले दस वर्षों से सत्ता में रही भाजपा के सामने कांग्रेस कड़ी चुनौती पेश कर रही है। हरियाणा विधानसभा चुनाव में कांग्रेस और भाजपा के बीच मुकाबला दिलचस्प हो गया है। पिछले दस वर्षों से सत्ता में रही भाजपा के सामने कांग्रेस कड़ी चुनौती पेश कर रही है। हरियाणा विधानसभा चुनाव में कांग्रेस और भाजपा के बीच मुकाबला दिलचस्प हो गया है। पिछले दस वर्षों से सत्ता में रही भाजपा के सामने कांग्रेस कड़ी चुनौती पेश कर रही है। हरियाणा विधानसभा चुनाव में कांग्रेस और भाजपा के बीच मुकाबला दिलचस्प हो गया है। पिछले दस वर्षों से सत्ता में रही भाजपा के सामने कांग्रेस कड़ी चुनौती पेश कर रही है। हरियाणा विधानसभा चुनाव में कांग्रेस और भाजपा के बीच मुकाबला दिलचस्प हो गया है। पिछले दस वर्षों से सत्ता में रही भाजपा के सामने कांग्रेस कड़ी चुनौती पेश कर रही है। हरियाणा विधानसभा चुनाव में कांग्रेस और भाजपा के बीच मुकाबला दिलचस्प हो गया है। पिछले दस वर्षों से सत्ता में रही भाजपा के सामने कांग्रेस कड़ी चुनौती पेश कर रही है।
(लेखिका स्वतंत्र पत्रकार है)
बोलती कविता
संतुलन
जिनसे दूर का रिश्ता है
उनसे दूर हो गया इंसानी मौत
इसलिए कभी कभी
इधर भर बात नहीं होती
जिनसे रोज मिलना हुआ
उनसे बात करने के लिए
विषय नहीं है
अगर है भी तो उस पर
कोई भी भरोसा नहीं
कि क्या बात पसंद आएगी
किसी इसलिए कोई कुछ नहीं बोलता
एक दूसरे को देखता
कभी मुस्कुरा देता
कभी हाथ मिला लेता
फिर मुड़ कर का चल देता
-शंकरानंद
